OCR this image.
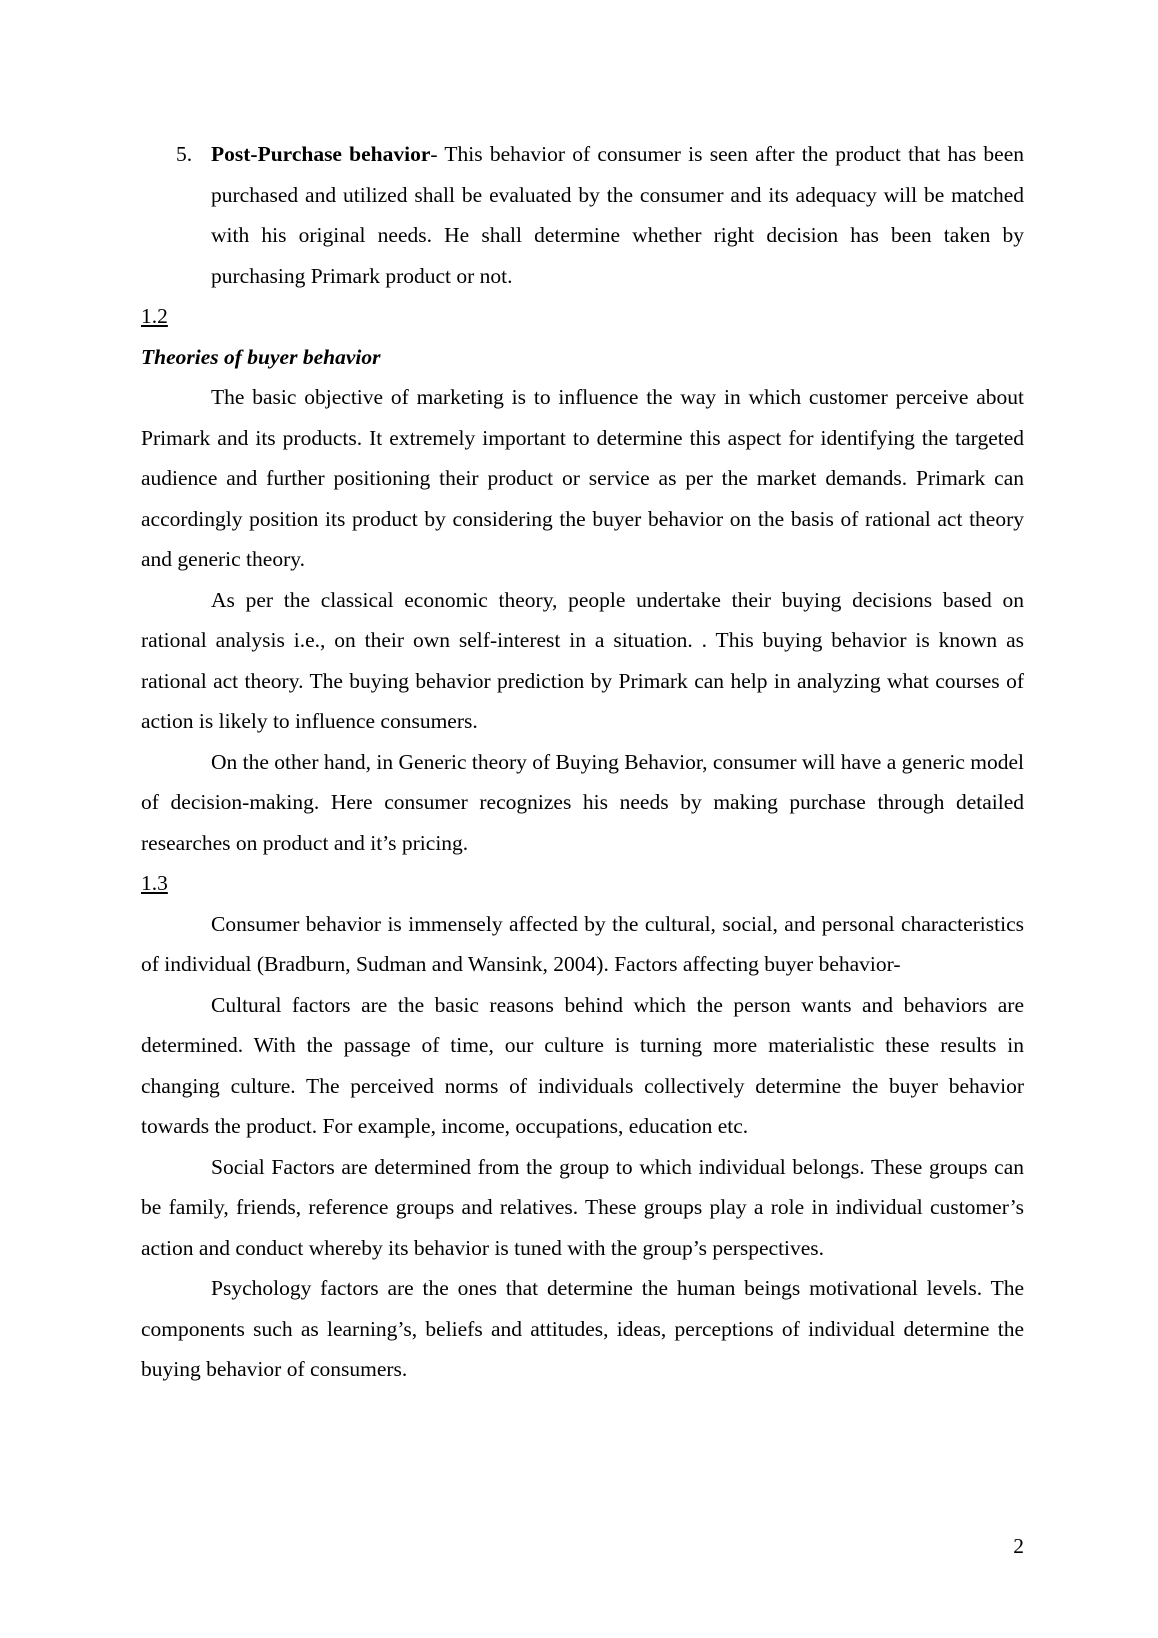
5. Post-Purchase behavior- This behavior of consumer is seen after the product that has been purchased and utilized shall be evaluated by the consumer and its adequacy will be matched with his original needs. He shall determine whether right decision has been taken by purchasing Primark product or not.
1.2
Theories of buyer behavior

The basic objective of marketing is to influence the way in which customer perceive about Primark and its products. It extremely important to determine this aspect for identifying the targeted audience and further positioning their product or service as per the market demands. Primark can accordingly position its product by considering the buyer behavior on the basis of rational act theory and generic theory.

As per the classical economic theory, people undertake their buying decisions based on rational analysis i.e., on their own self-interest in a situation. . This buying behavior is known as rational act theory. The buying behavior prediction by Primark can help in analyzing what courses of action is likely to influence consumers.

On the other hand, in Generic theory of Buying Behavior, consumer will have a generic model of decision-making. Here consumer recognizes his needs by making purchase through detailed researches on product and it’s pricing.

1.3

Consumer behavior is immensely affected by the cultural, social, and personal characteristics of individual (Bradburn, Sudman and Wansink, 2004). Factors affecting buyer behavior-

Cultural factors are the basic reasons behind which the person wants and behaviors are determined. With the passage of time, our culture is turning more materialistic these results in changing culture. The perceived norms of individuals collectively determine the buyer behavior towards the product. For example, income, occupations, education etc.

Social Factors are determined from the group to which individual belongs. These groups can be family, friends, reference groups and relatives. These groups play a role in individual customer’s action and conduct whereby its behavior is tuned with the group’s perspectives.

Psychology factors are the ones that determine the human beings motivational levels. The components such as learning’s, beliefs and attitudes, ideas, perceptions of individual determine the buying behavior of consumers.

2
